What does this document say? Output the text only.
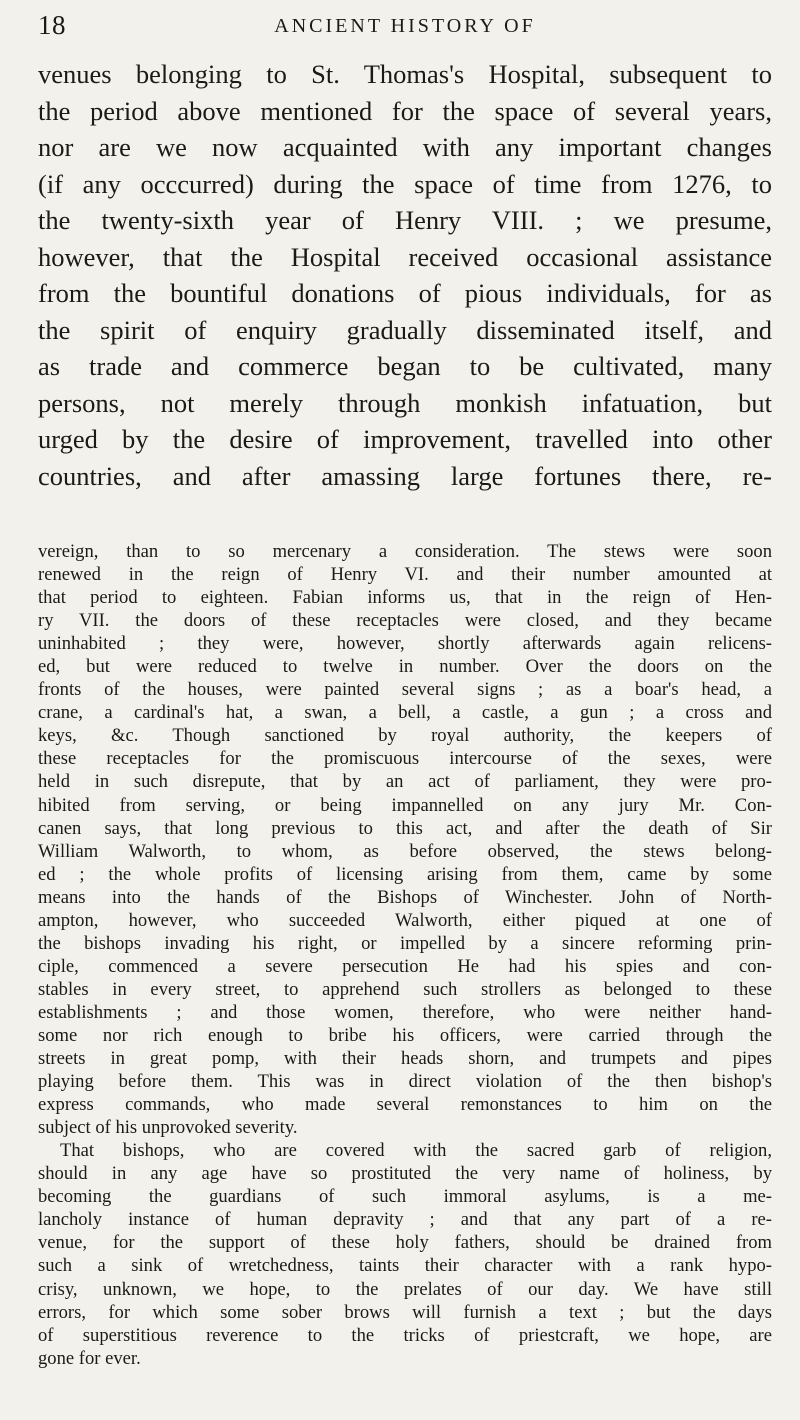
18	ANCIENT HISTORY OF
venues belonging to St. Thomas's Hospital, subsequent to
the period above mentioned for the space of several years,
nor are we now acquainted with any important changes
(if any occcurred) during the space of time from 1276, to
the twenty-sixth year of Henry VIII. ; we presume,
however, that the Hospital received occasional assistance
from the bountiful donations of pious individuals, for as
the spirit of enquiry gradually disseminated itself, and
as trade and commerce began to be cultivated, many
persons, not merely through monkish infatuation, but
urged by the desire of improvement, travelled into other
countries, and after amassing large fortunes there, re-
vereign, than to so mercenary a consideration. The stews were soon
renewed in the reign of Henry VI. and their number amounted at
that period to eighteen. Fabian informs us, that in the reign of Hen-
ry VII. the doors of these receptacles were closed, and they became
uninhabited ; they were, however, shortly afterwards again relicens-
ed, but were reduced to twelve in number. Over the doors on the
fronts of the houses, were painted several signs ; as a boar's head, a
crane, a cardinal's hat, a swan, a bell, a castle, a gun ; a cross and
keys, &c. Though sanctioned by royal authority, the keepers of
these receptacles for the promiscuous intercourse of the sexes, were
held in such disrepute, that by an act of parliament, they were pro-
hibited from serving, or being impannelled on any jury Mr. Con-
canen says, that long previous to this act, and after the death of Sir
William Walworth, to whom, as before observed, the stews belong-
ed ; the whole profits of licensing arising from them, came by some
means into the hands of the Bishops of Winchester. John of North-
ampton, however, who succeeded Walworth, either piqued at one of
the bishops invading his right, or impelled by a sincere reforming prin-
ciple, commenced a severe persecution He had his spies and con-
stables in every street, to apprehend such strollers as belonged to these
establishments ; and those women, therefore, who were neither hand-
some nor rich enough to bribe his officers, were carried through the
streets in great pomp, with their heads shorn, and trumpets and pipes
playing before them. This was in direct violation of the then bishop's
express commands, who made several remonstances to him on the
subject of his unprovoked severity.
That bishops, who are covered with the sacred garb of religion,
should in any age have so prostituted the very name of holiness, by
becoming the guardians of such immoral asylums, is a me-
lancholy instance of human depravity ; and that any part of a re-
venue, for the support of these holy fathers, should be drained from
such a sink of wretchedness, taints their character with a rank hypo-
crisy, unknown, we hope, to the prelates of our day. We have still
errors, for which some sober brows will furnish a text ; but the days
of superstitious reverence to the tricks of priestcraft, we hope, are
gone for ever.
